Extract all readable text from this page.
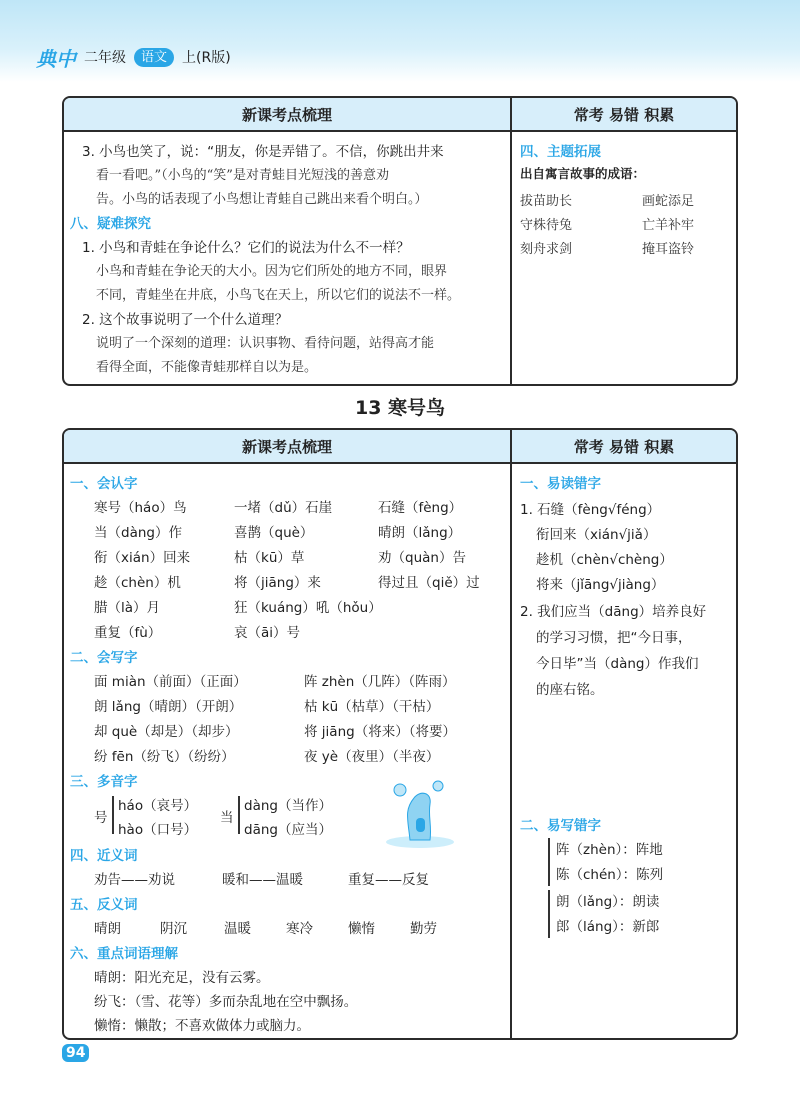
典中 二年级	语文	上(R版)
新课考点梳理	常考 易错 积累
3. 小鸟也笑了，说：“朋友，你是弄错了。不信，你跳出井来
看一看吧。”（小鸟的“笑”是对青蛙目光短浅的善意劝
告。小鸟的话表现了小鸟想让青蛙自己跳出来看个明白。）
八、疑难探究
1. 小鸟和青蛙在争论什么？它们的说法为什么不一样？
小鸟和青蛙在争论天的大小。因为它们所处的地方不同，眼界
不同，青蛙坐在井底，小鸟飞在天上，所以它们的说法不一样。
2. 这个故事说明了一个什么道理？
说明了一个深刻的道理：认识事物、看待问题，站得高才能
看得全面，不能像青蛙那样自以为是。
四、主题拓展
出自寓言故事的成语：
拔苗助长	画蛇添足
守株待兔	亡羊补牢
刻舟求剑	掩耳盗铃
13 寒号鸟
新课考点梳理	常考 易错 积累
一、会认字
寒号（háo）鸟	一堵（dǔ）石崖	石缝（fèng）
当（dàng）作	喜鹊（què）	晴朗（lǎng）
衔（xián）回来	枯（kū）草	劝（quàn）告
趁（chèn）机	将（jiāng）来	得过且（qiě）过
腊（là）月	狂（kuáng）吼（hǒu）
重复（fù）	哀（āi）号
二、会写字
面 miàn（前面）（正面）	阵 zhèn（几阵）（阵雨）
朗 lǎng（晴朗）（开朗）	枯 kū（枯草）（干枯）
却 què（却是）（却步）	将 jiāng（将来）（将要）
纷 fēn（纷飞）（纷纷）	夜 yè（夜里）（半夜）
三、多音字
号
háo（哀号）
hào（口号）
当
dàng（当作）
dāng（应当）
四、近义词
劝告——劝说	暖和——温暖	重复——反复
五、反义词
晴朗	阴沉	温暖	寒冷	懒惰	勤劳
六、重点词语理解
晴朗：阳光充足，没有云雾。
纷飞：（雪、花等）多而杂乱地在空中飘扬。
懒惰：懒散；不喜欢做体力或脑力。
一、易读错字
1. 石缝（fèng√féng）
衔回来（xián√jiǎ）
趁机（chèn√chèng）
将来（jǐāng√jiàng）
2. 我们应当（dāng）培养良好
的学习习惯，把“今日事，
今日毕”当（dàng）作我们
的座右铭。
二、易写错字
阵（zhèn）：阵地
陈（chén）：陈列
朗（lǎng）：朗读
郎（láng）：新郎
94
